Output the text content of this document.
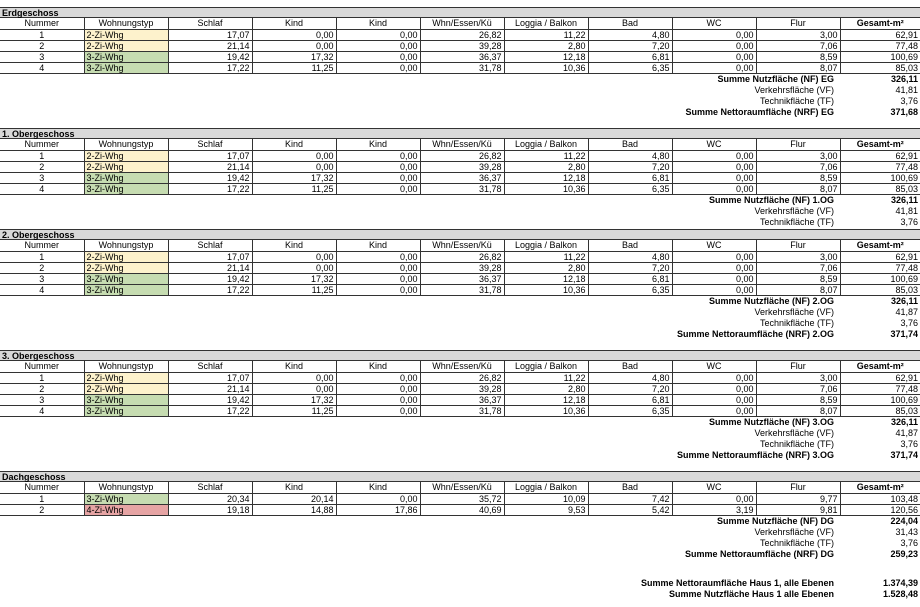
Erdgeschoss
Nummer	Wohnungstyp	Schlaf	Kind	Kind	Whn/Essen/Kü	Loggia / Balkon	Bad	WC	Flur	Gesamt-m²
1	2-Zi-Whg	17,07	0,00	0,00	26,82	11,22	4,80	0,00	3,00	62,91
2	2-Zi-Whg	21,14	0,00	0,00	39,28	2,80	7,20	0,00	7,06	77,48
3	3-Zi-Whg	19,42	17,32	0,00	36,37	12,18	6,81	0,00	8,59	100,69
4	3-Zi-Whg	17,22	11,25	0,00	31,78	10,36	6,35	0,00	8,07	85,03
Summe Nutzfläche (NF) EG	326,11
Verkehrsfläche (VF)	41,81
Technikfläche (TF)	3,76
Summe Nettoraumfläche (NRF) EG	371,68
1. Obergeschoss
Nummer	Wohnungstyp	Schlaf	Kind	Kind	Whn/Essen/Kü	Loggia / Balkon	Bad	WC	Flur	Gesamt-m²
1	2-Zi-Whg	17,07	0,00	0,00	26,82	11,22	4,80	0,00	3,00	62,91
2	2-Zi-Whg	21,14	0,00	0,00	39,28	2,80	7,20	0,00	7,06	77,48
3	3-Zi-Whg	19,42	17,32	0,00	36,37	12,18	6,81	0,00	8,59	100,69
4	3-Zi-Whg	17,22	11,25	0,00	31,78	10,36	6,35	0,00	8,07	85,03
Summe Nutzfläche (NF) 1.OG	326,11
Verkehrsfläche (VF)	41,81
Technikfläche (TF)	3,76
2. Obergeschoss
Nummer	Wohnungstyp	Schlaf	Kind	Kind	Whn/Essen/Kü	Loggia / Balkon	Bad	WC	Flur	Gesamt-m²
1	2-Zi-Whg	17,07	0,00	0,00	26,82	11,22	4,80	0,00	3,00	62,91
2	2-Zi-Whg	21,14	0,00	0,00	39,28	2,80	7,20	0,00	7,06	77,48
3	3-Zi-Whg	19,42	17,32	0,00	36,37	12,18	6,81	0,00	8,59	100,69
4	3-Zi-Whg	17,22	11,25	0,00	31,78	10,36	6,35	0,00	8,07	85,03
Summe Nutzfläche (NF) 2.OG	326,11
Verkehrsfläche (VF)	41,87
Technikfläche (TF)	3,76
Summe Nettoraumfläche (NRF) 2.OG	371,74
3. Obergeschoss
Nummer	Wohnungstyp	Schlaf	Kind	Kind	Whn/Essen/Kü	Loggia / Balkon	Bad	WC	Flur	Gesamt-m²
1	2-Zi-Whg	17,07	0,00	0,00	26,82	11,22	4,80	0,00	3,00	62,91
2	2-Zi-Whg	21,14	0,00	0,00	39,28	2,80	7,20	0,00	7,06	77,48
3	3-Zi-Whg	19,42	17,32	0,00	36,37	12,18	6,81	0,00	8,59	100,69
4	3-Zi-Whg	17,22	11,25	0,00	31,78	10,36	6,35	0,00	8,07	85,03
Summe Nutzfläche (NF) 3.OG	326,11
Verkehrsfläche (VF)	41,87
Technikfläche (TF)	3,76
Summe Nettoraumfläche (NRF) 3.OG	371,74
Dachgeschoss
Nummer	Wohnungstyp	Schlaf	Kind	Kind	Whn/Essen/Kü	Loggia / Balkon	Bad	WC	Flur	Gesamt-m²
1	3-Zi-Whg	20,34	20,14	0,00	35,72	10,09	7,42	0,00	9,77	103,48
2	4-Zi-Whg	19,18	14,88	17,86	40,69	9,53	5,42	3,19	9,81	120,56
Summe Nutzfläche (NF) DG	224,04
Verkehrsfläche (VF)	31,43
Technikfläche (TF)	3,76
Summe Nettoraumfläche (NRF) DG	259,23
Summe Nettoraumfläche Haus 1, alle Ebenen	1.374,39
Summe Nutzfläche Haus 1 alle Ebenen	1.528,48
